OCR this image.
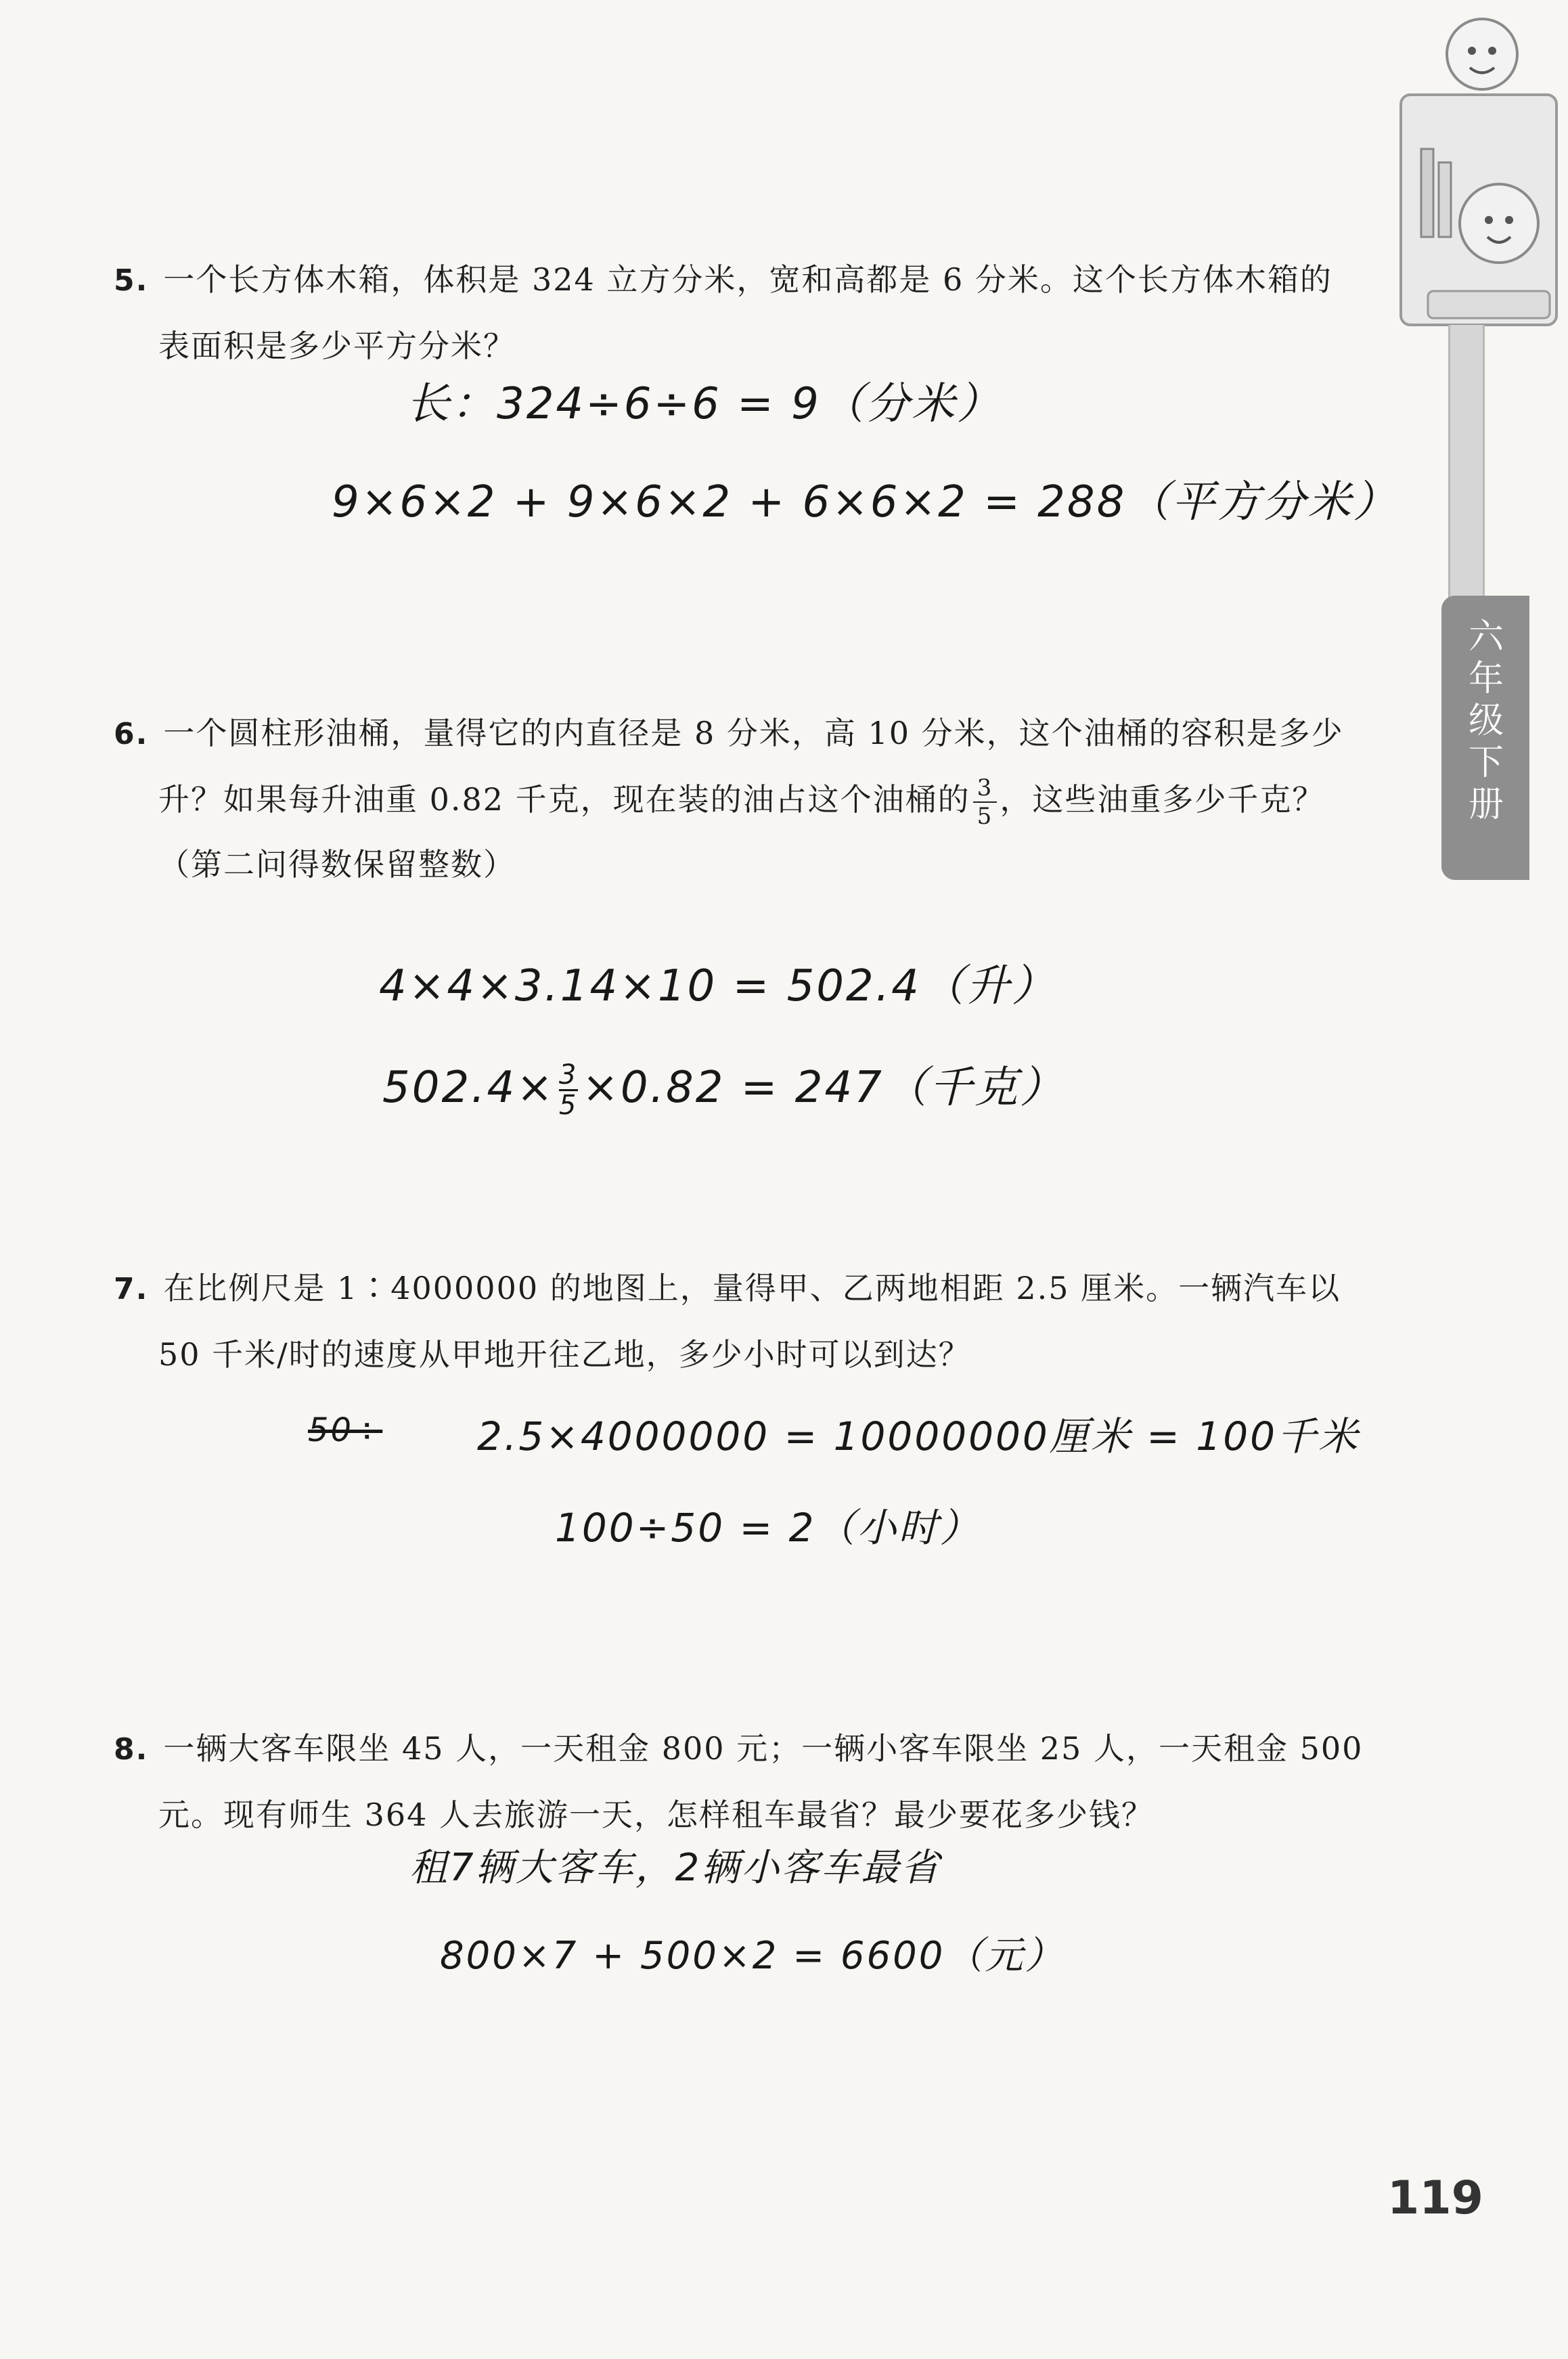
5. 一个长方体木箱，体积是 324 立方分米，宽和高都是 6 分米。这个长方体木箱的
表面积是多少平方分米？
长：324÷6÷6 = 9（分米）
9×6×2 + 9×6×2 + 6×6×2 = 288（平方分米）
6. 一个圆柱形油桶，量得它的内直径是 8 分米，高 10 分米，这个油桶的容积是多少
升？如果每升油重 0.82 千克，现在装的油占这个油桶的 $\frac{3}{5}$ ，这些油重多少千克？
（第二问得数保留整数）
4×4×3.14×10 = 502.4（升）
$502.4\times \frac{3}{5}\times 0.82 = 247$（千克）
7. 在比例尺是 1∶4000000 的地图上，量得甲、乙两地相距 2.5 厘米。一辆汽车以
50 千米/时的速度从甲地开往乙地，多少小时可以到达？
50÷ 2.5×4000000 = 10000000厘米 = 100千米
100÷50 = 2（小时）
8. 一辆大客车限坐 45 人，一天租金 800 元；一辆小客车限坐 25 人，一天租金 500
元。现有师生 364 人去旅游一天，怎样租车最省？最少要花多少钱？
租7辆大客车，2辆小客车最省
800×7 + 500×2 = 6600（元）
六年级下册
119
